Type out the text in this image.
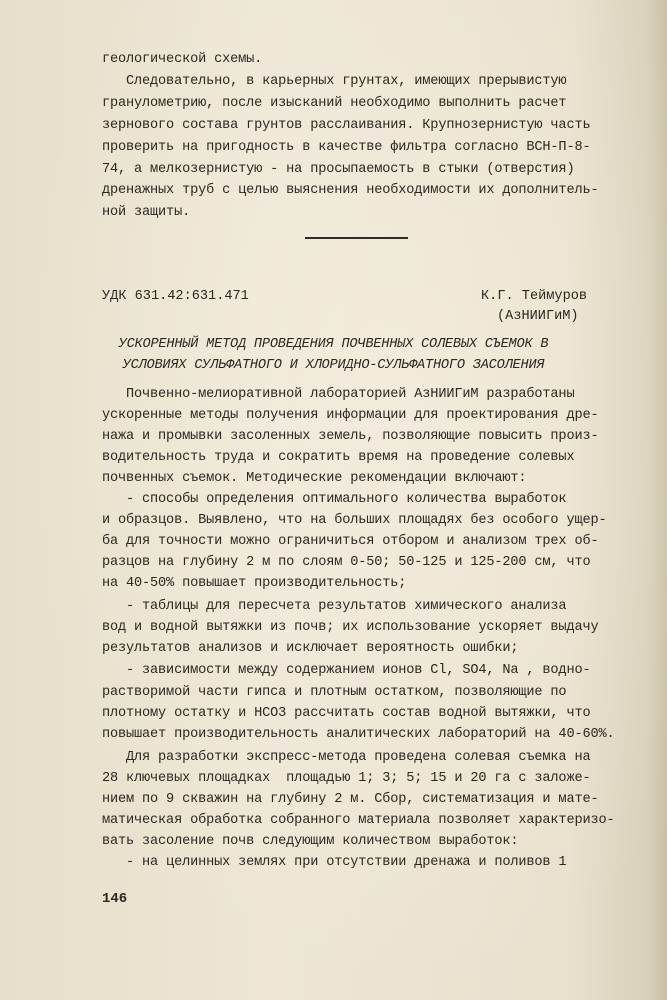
геологической схемы.
Следовательно, в карьерных грунтах, имеющих прерывистую
гранулометрию, после изысканий необходимо выполнить расчет
зернового состава грунтов расслаивания. Крупнозернистую часть
проверить на пригодность в качестве фильтра согласно ВСН-П-8-
74, а мелкозернистую - на просыпаемость в стыки (отверстия)
дренажных труб с целью выяснения необходимости их дополнитель-
ной защиты.
УДК 631.42:631.471	К.Г. Теймуров
(АзНИИГиМ)
УСКОРЕННЫЙ МЕТОД ПРОВЕДЕНИЯ ПОЧВЕННЫХ СОЛЕВЫХ СЪЕМОК В
УСЛОВИЯХ СУЛЬФАТНОГО И ХЛОРИДНО-СУЛЬФАТНОГО ЗАСОЛЕНИЯ
Почвенно-мелиоративной лабораторией АзНИИГиМ разработаны
ускоренные методы получения информации для проектирования дре-
нажа и промывки засоленных земель, позволяющие повысить произ-
водительность труда и сократить время на проведение солевых
почвенных съемок. Методические рекомендации включают:
- способы определения оптимального количества выработок
и образцов. Выявлено, что на больших площадях без особого ущер-
ба для точности можно ограничиться отбором и анализом трех об-
разцов на глубину 2 м по слоям 0-50; 50-125 и 125-200 см, что
на 40-50% повышает производительность;
- таблицы для пересчета результатов химического анализа
вод и водной вытяжки из почв; их использование ускоряет выдачу
результатов анализов и исключает вероятность ошибки;
- зависимости между содержанием ионов Cl, SO4, Na , водно-
растворимой части гипса и плотным остатком, позволяющие по
плотному остатку и HCO3 рассчитать состав водной вытяжки, что
повышает производительность аналитических лабораторий на 40-60%.
Для разработки экспресс-метода проведена солевая съемка на
28 ключевых площадках  площадью 1; 3; 5; 15 и 20 га с заложе-
нием по 9 скважин на глубину 2 м. Сбор, систематизация и мате-
матическая обработка собранного материала позволяет характеризо-
вать засоление почв следующим количеством выработок:
- на целинных землях при отсутствии дренажа и поливов 1
146
